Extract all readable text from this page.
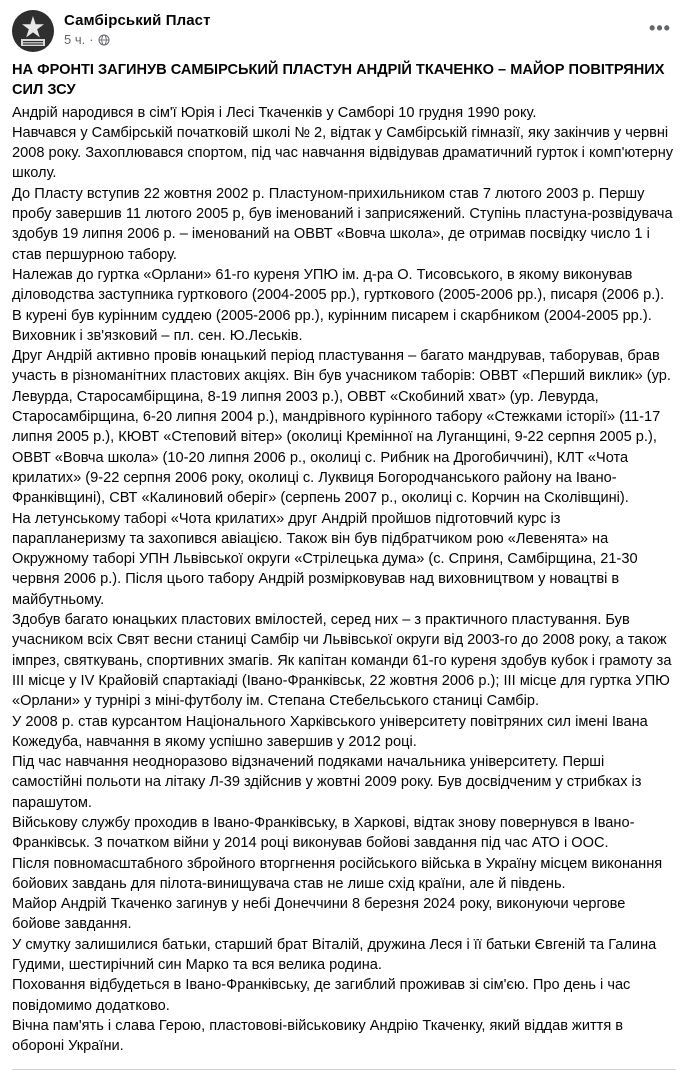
Самбірський Пласт
5 ч. ·
•••
НА ФРОНТІ ЗАГИНУВ САМБІРСЬКИЙ ПЛАСТУН АНДРІЙ ТКАЧЕНКО – МАЙОР ПОВІТРЯНИХ СИЛ ЗСУ

Андрій народився в сім'ї Юрія і Лесі Ткаченків у Самборі 10 грудня 1990 року.

Навчався у Самбірській початковій школі № 2, відтак у Самбірській гімназії, яку закінчив у червні 2008 року. Захоплювався спортом, під час навчання відвідував драматичний гурток і комп'ютерну школу.

До Пласту вступив 22 жовтня 2002 р. Пластуном-прихильником став 7 лютого 2003 р. Першу пробу завершив 11 лютого 2005 р, був іменований і заприсяжений. Ступінь пластуна-розвідувача здобув 19 липня 2006 р. – іменований на ОВВТ «Вовча школа», де отримав посвідку число 1 і став першурною табору.

Належав до гуртка «Орлани» 61-го куреня УПЮ ім. д-ра О. Тисовського, в якому виконував діловодства заступника гурткового (2004-2005 рр.), гурткового (2005-2006 рр.), писаря (2006 р.). В курені був курінним суддею (2005-2006 рр.), курінним писарем і скарбником (2004-2005 рр.). Виховник і зв'язковий – пл. сен. Ю.Леськів.

Друг Андрій активно провів юнацький період пластування – багато мандрував, таборував, брав участь в різноманітних пластових акціях. Він був учасником таборів: ОВВТ «Перший виклик» (ур. Левурда, Старосамбірщина, 8-19 липня 2003 р.), ОВВТ «Скобиний хват» (ур. Левурда, Старосамбірщина, 6-20 липня 2004 р.), мандрівного курінного табору «Стежками історії» (11-17 липня 2005 р.), КЮВТ «Степовий вітер» (околиці Кремінної на Луганщині, 9-22 серпня 2005 р.), ОВВТ «Вовча школа» (10-20 липня 2006 р., околиці с. Рибник на Дрогобиччині), КЛТ «Чота крилатих» (9-22 серпня 2006 року, околиці с. Луквиця Богородчанського району на Івано-Франківщині), СВТ «Калиновий оберіг» (серпень 2007 р., околиці с. Корчин на Сколівщині).

На летунському таборі «Чота крилатих» друг Андрій пройшов підготовчий курс із парапланеризму та захопився авіацією. Також він був підбратчиком рою «Левенята» на Окружному таборі УПН Львівської округи «Стрілецька дума» (с. Сприня, Самбірщина, 21-30 червня 2006 р.). Після цього табору Андрій розмірковував над виховництвом у новацтві в майбутньому.

Здобув багато юнацьких пластових вмілостей, серед них – з практичного пластування. Був учасником всіх Свят весни станиці Самбір чи Львівської округи від 2003-го до 2008 року, а також імпрез, святкувань, спортивних змагів. Як капітан команди 61-го куреня здобув кубок і грамоту за III місце у IV Крайовій спартакіаді (Івано-Франківськ, 22 жовтня 2006 р.); III місце для гуртка УПЮ «Орлани» у турнірі з міні-футболу ім. Степана Стебельського станиці Самбір.

У 2008 р. став курсантом Національного Харківського університету повітряних сил імені Івана Кожедуба, навчання в якому успішно завершив у 2012 році.

Під час навчання неодноразово відзначений подяками начальника університету. Перші самостійні польоти на літаку Л-39 здійснив у жовтні 2009 року. Був досвідченим у стрибках із парашутом.

Військову службу проходив в Івано-Франківську, в Харкові, відтак знову повернувся в Івано-Франківськ. З початком війни у 2014 році виконував бойові завдання під час АТО і ООС.

Після повномасштабного збройного вторгнення російського війська в Україну місцем виконання бойових завдань для пілота-винищувача став не лише схід країни, але й південь.

Майор Андрій Ткаченко загинув у небі Донеччини 8 березня 2024 року, виконуючи чергове бойове завдання.

У смутку залишилися батьки, старший брат Віталій, дружина Леся і її батьки Євгеній та Галина Гудими, шестирічний син Марко та вся велика родина.

Поховання відбудеться в Івано-Франківську, де загиблий проживав зі сім'єю. Про день і час повідомимо додатково.

Вічна пам'ять і слава Герою, пластовові-військовику Андрію Ткаченку, який віддав життя в обороні України.
